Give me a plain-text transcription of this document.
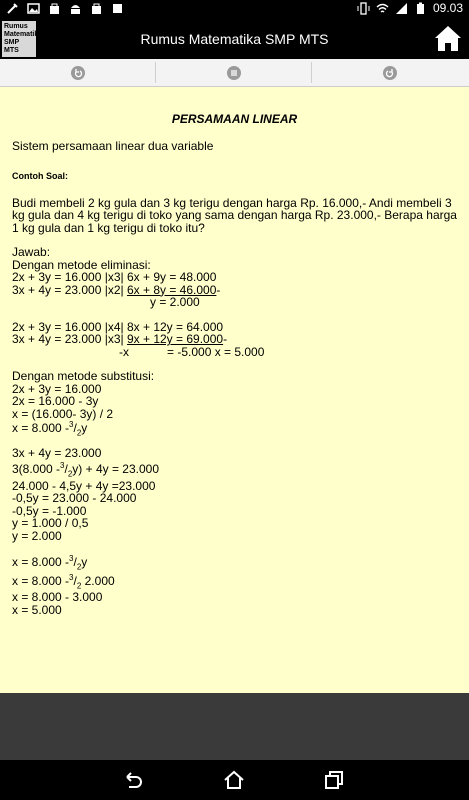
09.03
Rumus Matematika SMP MTS
Rumus Matematika SMP MTS
PERSAMAAN LINEAR
Sistem persamaan linear dua variable
Contoh Soal:
Budi membeli 2 kg gula dan 3 kg terigu dengan harga Rp. 16.000,- Andi membeli 3 kg gula dan 4 kg terigu di toko yang sama dengan harga Rp. 23.000,- Berapa harga 1 kg gula dan 1 kg terigu di toko itu?
Jawab:
Dengan metode eliminasi:
2x + 3y = 16.000 |x3| 6x + 9y = 48.000
3x + 4y = 23.000 |x2| 6x + 8y = 46.000-
y = 2.000
2x + 3y = 16.000 |x4| 8x + 12y = 64.000
3x + 4y = 23.000 |x3| 9x + 12y = 69.000-
-x	= -5.000 x = 5.000
Dengan metode substitusi:
2x + 3y = 16.000
2x = 16.000 - 3y
x = (16.000- 3y) / 2
x = 8.000 $-^3/_2y$
3x + 4y = 23.000
3(8.000 $-^3/_2y) + 4y = 23.000$
24.000 - 4,5y + 4y =23.000
-0,5y = 23.000 - 24.000
-0,5y = -1.000
y = 1.000 / 0,5
y = 2.000
x = 8.000 $-^3/_2y$
x = 8.000 $-^3/_2$ 2.000
x = 8.000 - 3.000
x = 5.000
